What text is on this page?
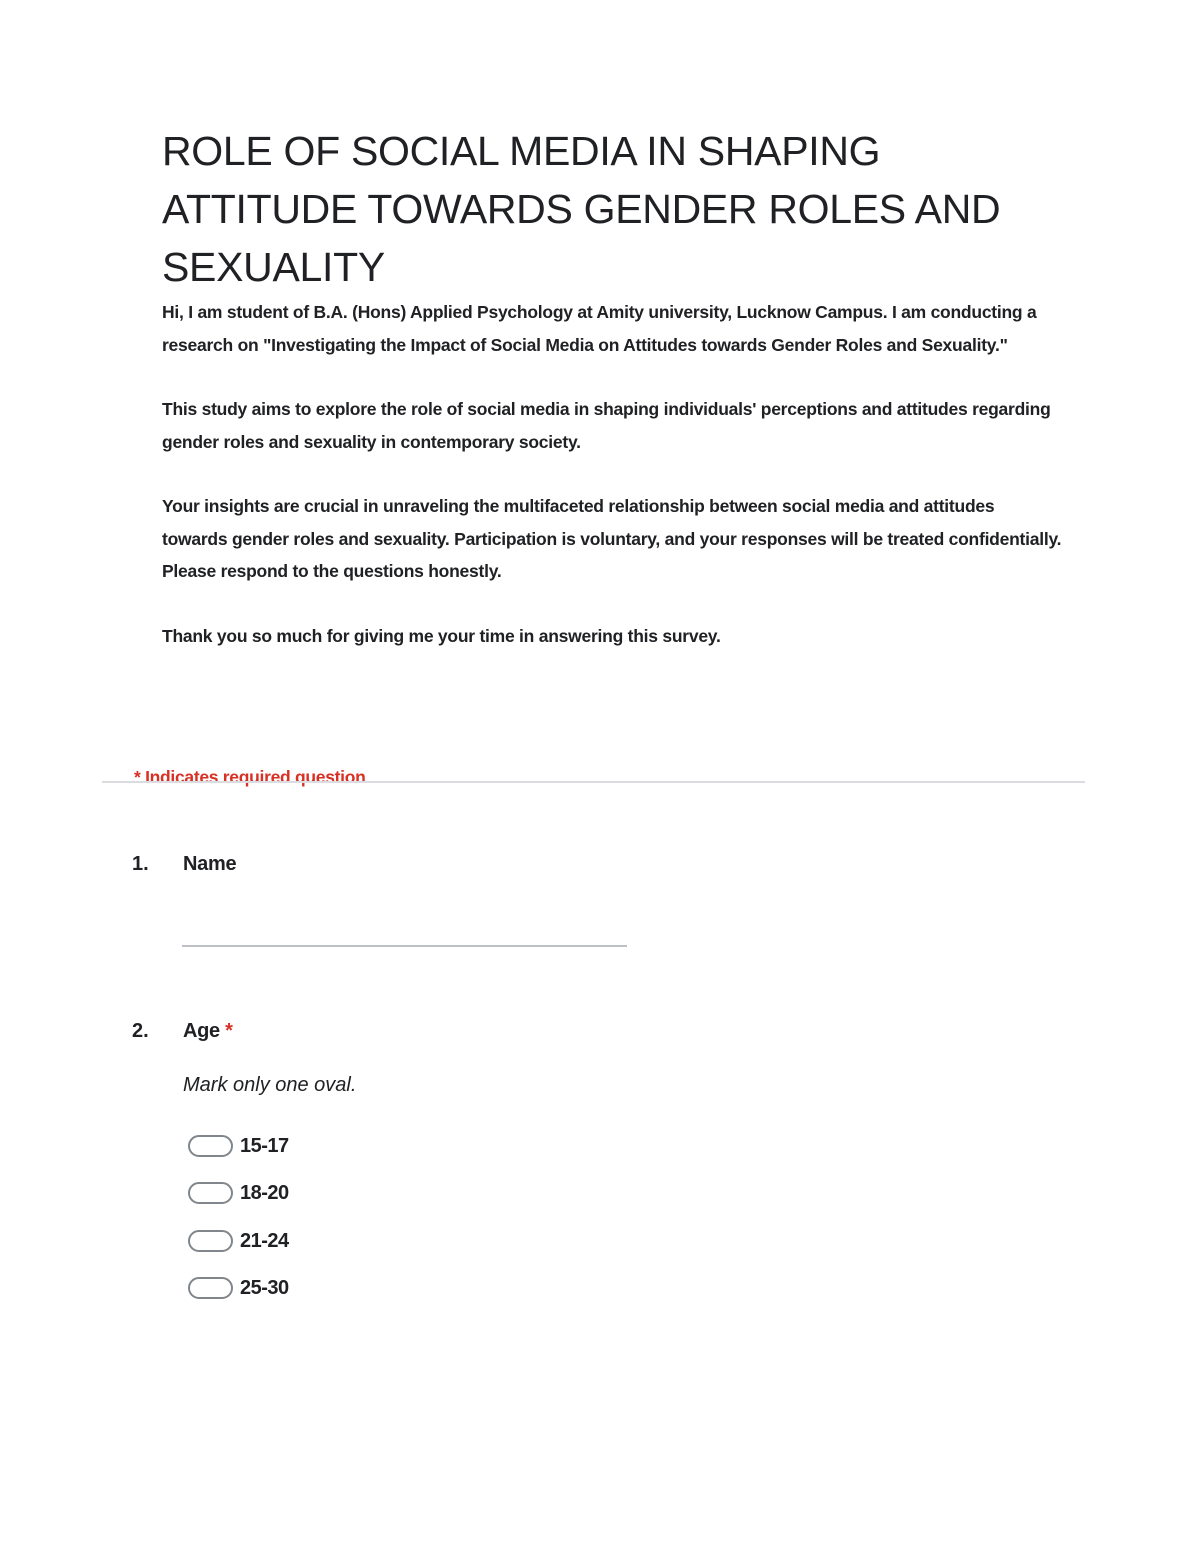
ROLE OF SOCIAL MEDIA IN SHAPING ATTITUDE TOWARDS GENDER ROLES AND SEXUALITY

Hi, I am student of B.A. (Hons) Applied Psychology at Amity university, Lucknow Campus. I am conducting a research on "Investigating the Impact of Social Media on Attitudes towards Gender Roles and Sexuality."

This study aims to explore the role of social media in shaping individuals' perceptions and attitudes regarding gender roles and sexuality in contemporary society.

Your insights are crucial in unraveling the multifaceted relationship between social media and attitudes towards gender roles and sexuality. Participation is voluntary, and your responses will be treated confidentially. Please respond to the questions honestly.

Thank you so much for giving me your time in answering this survey.

* Indicates required question
1. Name
2. Age *
Mark only one oval.
15-17
18-20
21-24
25-30
